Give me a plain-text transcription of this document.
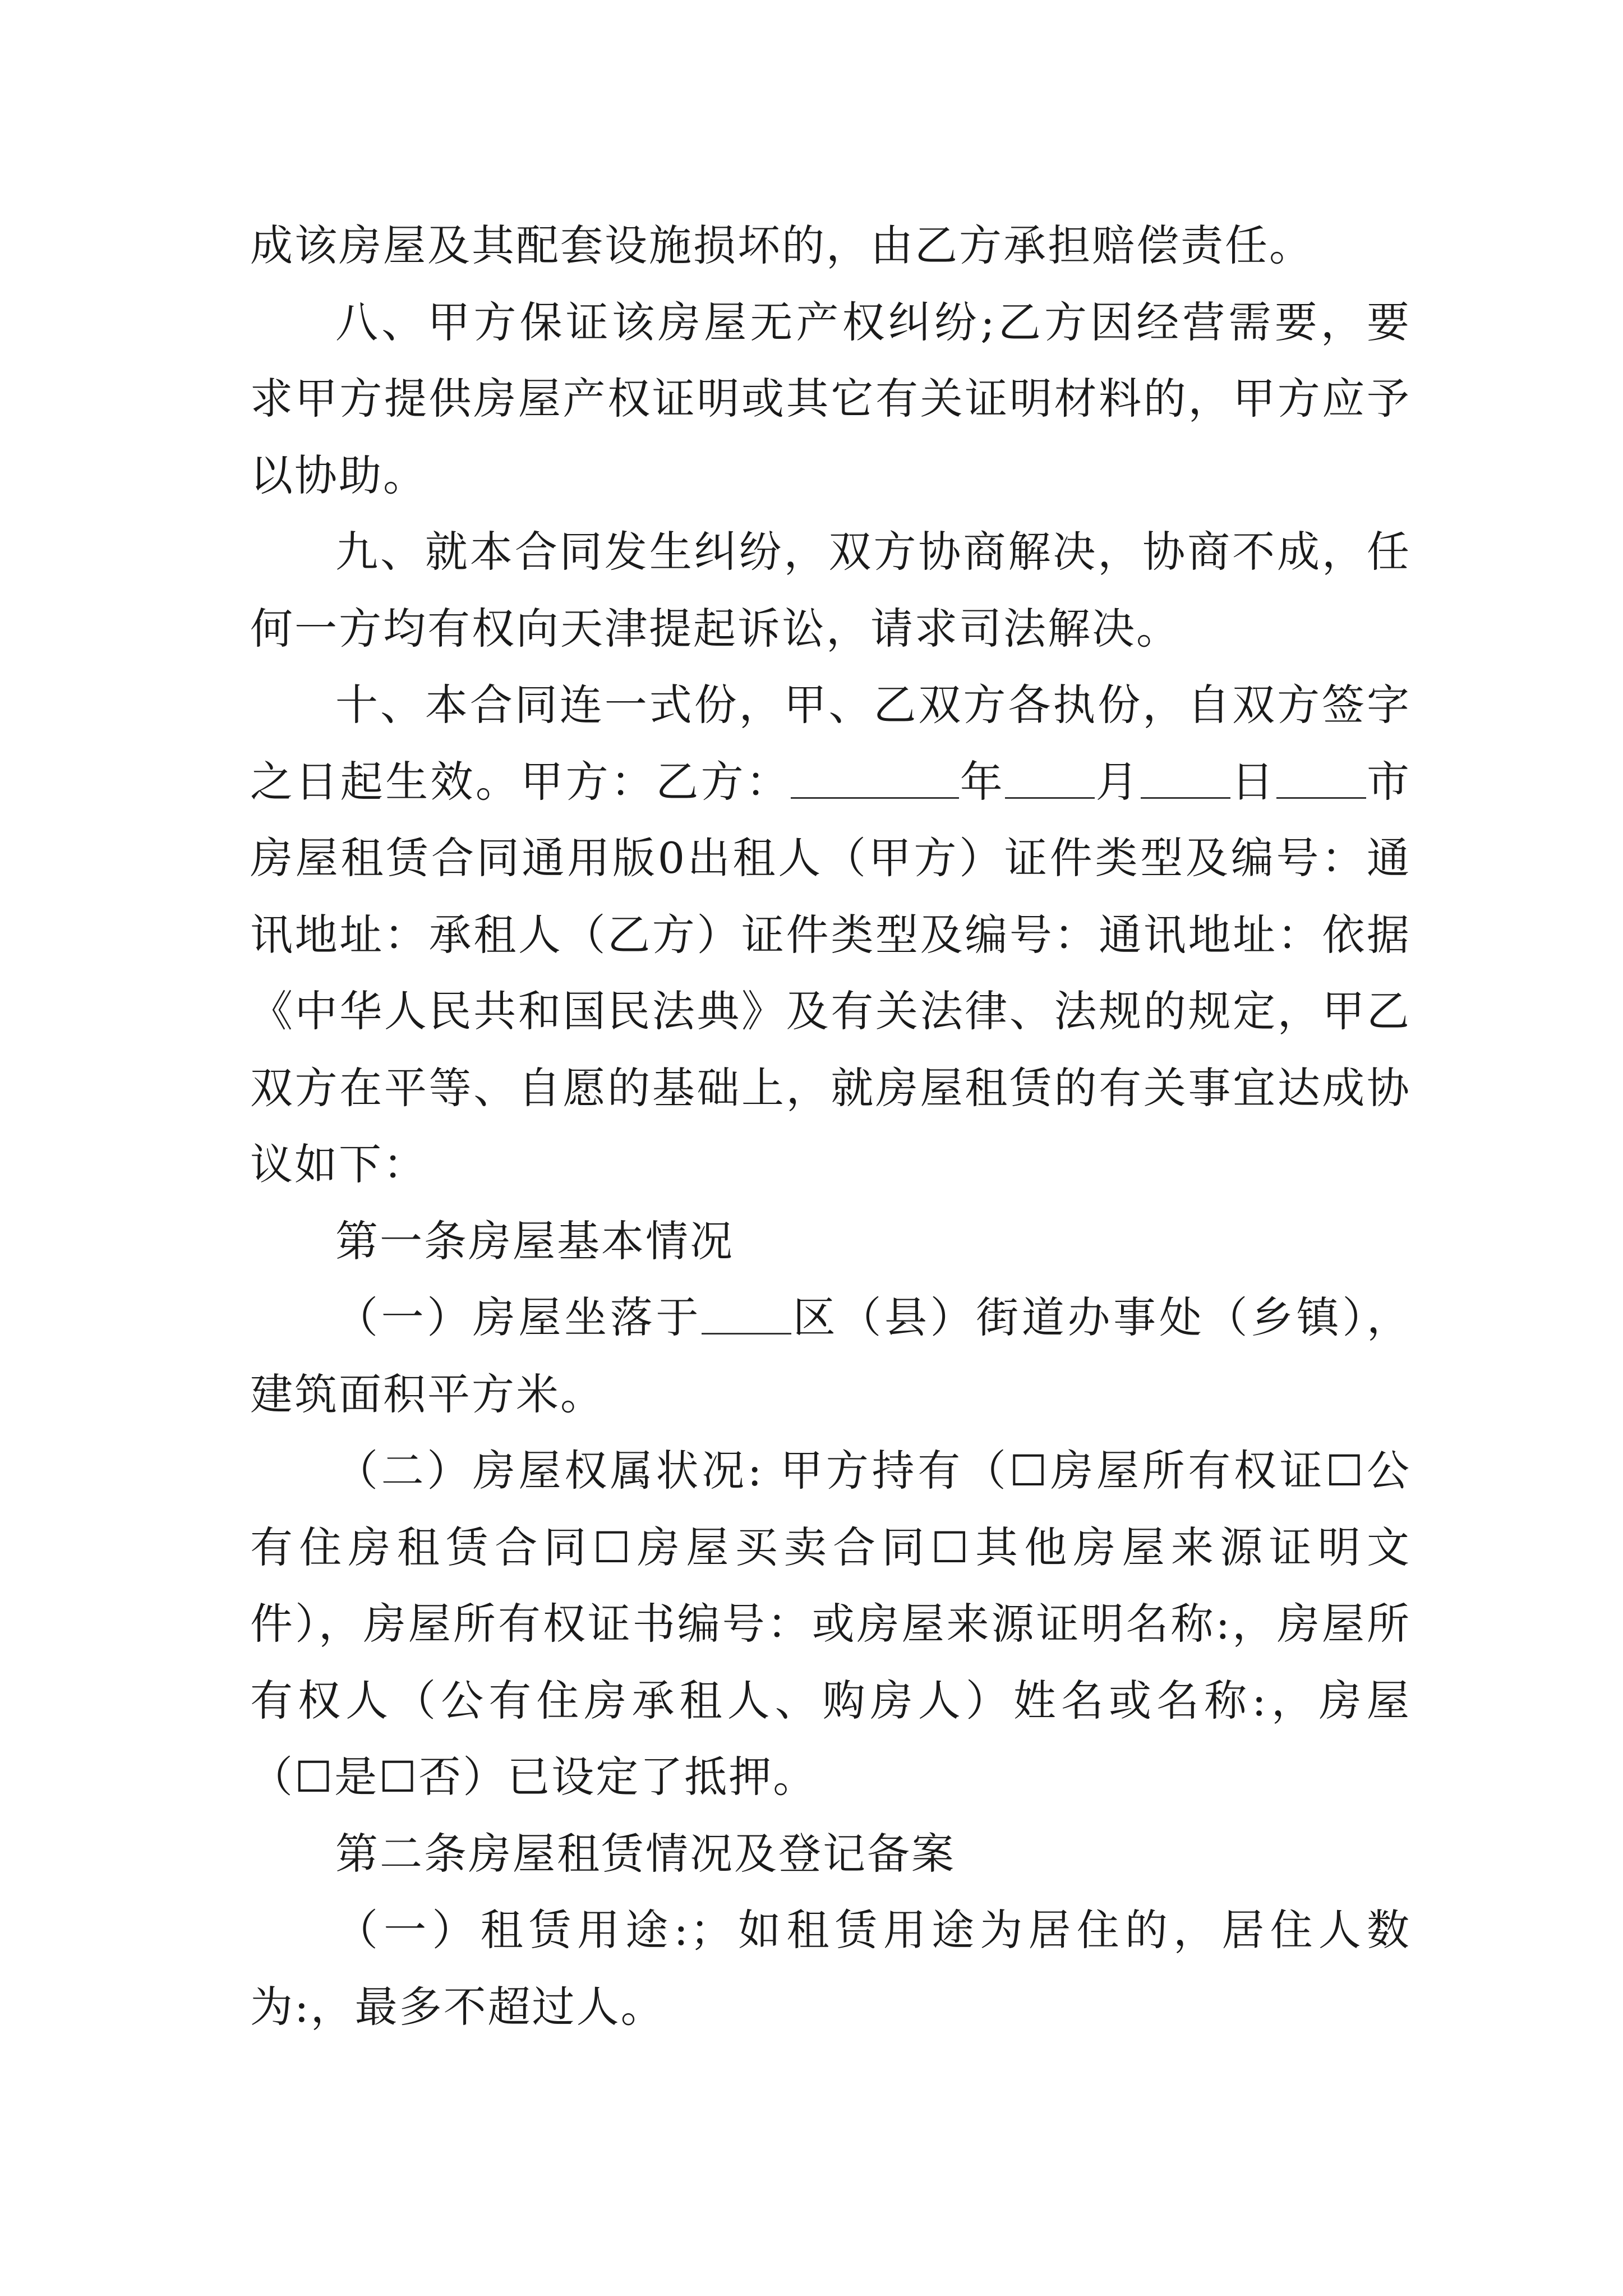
成该房屋及其配套设施损坏的，由乙方承担赔偿责任。

八、甲方保证该房屋无产权纠纷;乙方因经营需要，要求甲方提供房屋产权证明或其它有关证明材料的，甲方应予以协助。

九、就本合同发生纠纷，双方协商解决，协商不成，任何一方均有权向天津提起诉讼，请求司法解决。

十、本合同连一式份，甲、乙双方各执份，自双方签字之日起生效。甲方：乙方：	年 月 日 市房屋租赁合同通用版0出租人（甲方）证件类型及编号：通讯地址：承租人（乙方）证件类型及编号：通讯地址：依据《中华人民共和国民法典》及有关法律、法规的规定，甲乙双方在平等、自愿的基础上，就房屋租赁的有关事宜达成协议如下：

第一条房屋基本情况

（一）房屋坐落于 区（县）街道办事处（乡镇），建筑面积平方米。

（二）房屋权属状况: 甲方持有（☐房屋所有权证☐公有住房租赁合同☐房屋买卖合同☐其他房屋来源证明文件），房屋所有权证书编号：或房屋来源证明名称:，房屋所有权人（公有住房承租人、购房人）姓名或名称:，房屋（☐是☐否）已设定了抵押。

第二条房屋租赁情况及登记备案

（一）租赁用途:；如租赁用途为居住的，居住人数为:，最多不超过人。
